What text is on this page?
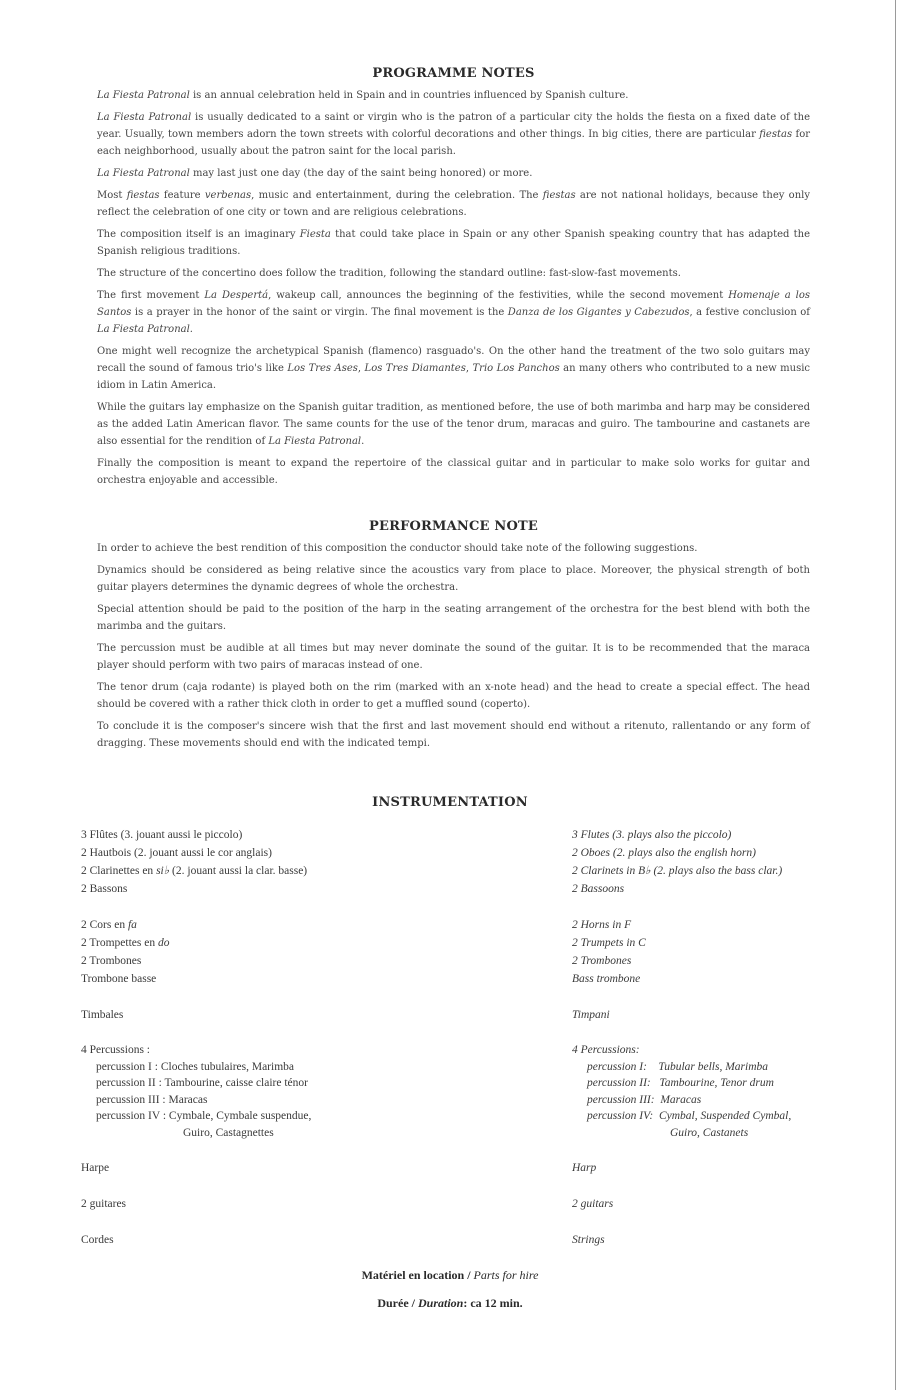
PROGRAMME NOTES

La Fiesta Patronal is an annual celebration held in Spain and in countries influenced by Spanish culture.

La Fiesta Patronal is usually dedicated to a saint or virgin who is the patron of a particular city the holds the fiesta on a fixed date of the year. Usually, town members adorn the town streets with colorful decorations and other things. In big cities, there are particular fiestas for each neighborhood, usually about the patron saint for the local parish.

La Fiesta Patronal may last just one day (the day of the saint being honored) or more.

Most fiestas feature verbenas, music and entertainment, during the celebration. The fiestas are not national holidays, because they only reflect the celebration of one city or town and are religious celebrations.

The composition itself is an imaginary Fiesta that could take place in Spain or any other Spanish speaking country that has adapted the Spanish religious traditions.

The structure of the concertino does follow the tradition, following the standard outline: fast-slow-fast movements.

The first movement La Despertá, wakeup call, announces the beginning of the festivities, while the second movement Homenaje a los Santos is a prayer in the honor of the saint or virgin. The final movement is the Danza de los Gigantes y Cabezudos, a festive conclusion of La Fiesta Patronal.

One might well recognize the archetypical Spanish (flamenco) rasguado's. On the other hand the treatment of the two solo guitars may recall the sound of famous trio's like Los Tres Ases, Los Tres Diamantes, Trio Los Panchos an many others who contributed to a new music idiom in Latin America.

While the guitars lay emphasize on the Spanish guitar tradition, as mentioned before, the use of both marimba and harp may be considered as the added Latin American flavor. The same counts for the use of the tenor drum, maracas and guiro. The tambourine and castanets are also essential for the rendition of La Fiesta Patronal.

Finally the composition is meant to expand the repertoire of the classical guitar and in particular to make solo works for guitar and orchestra enjoyable and accessible.

PERFORMANCE NOTE

In order to achieve the best rendition of this composition the conductor should take note of the following suggestions.

Dynamics should be considered as being relative since the acoustics vary from place to place. Moreover, the physical strength of both guitar players determines the dynamic degrees of whole the orchestra.

Special attention should be paid to the position of the harp in the seating arrangement of the orchestra for the best blend with both the marimba and the guitars.

The percussion must be audible at all times but may never dominate the sound of the guitar. It is to be recommended that the maraca player should perform with two pairs of maracas instead of one.

The tenor drum (caja rodante) is played both on the rim (marked with an x-note head) and the head to create a special effect. The head should be covered with a rather thick cloth in order to get a muffled sound (coperto).

To conclude it is the composer's sincere wish that the first and last movement should end without a ritenuto, rallentando or any form of dragging. These movements should end with the indicated tempi.

INSTRUMENTATION
3 Flûtes (3. jouant aussi le piccolo)
2 Hautbois (2. jouant aussi le cor anglais)
2 Clarinettes en si♭ (2. jouant aussi la clar. basse)
2 Bassons
2 Cors en fa
2 Trompettes en do
2 Trombones
Trombone basse
Timbales
4 Percussions :
percussion I : Cloches tubulaires, Marimba
percussion II : Tambourine, caisse claire ténor
percussion III : Maracas
percussion IV : Cymbale, Cymbale suspendue,
Guiro, Castagnettes
Harpe
2 guitares
Cordes
3 Flutes (3. plays also the piccolo)
2 Oboes (2. plays also the english horn)
2 Clarinets in B♭ (2. plays also the bass clar.)
2 Bassoons
2 Horns in F
2 Trumpets in C
2 Trombones
Bass trombone
Timpani
4 Percussions:
percussion I:    Tubular bells, Marimba
percussion II:   Tambourine, Tenor drum
percussion III:  Maracas
percussion IV:  Cymbal, Suspended Cymbal,
Guiro, Castanets
Harp
2 guitars
Strings
Matériel en location / Parts for hire
Durée / Duration: ca 12 min.
